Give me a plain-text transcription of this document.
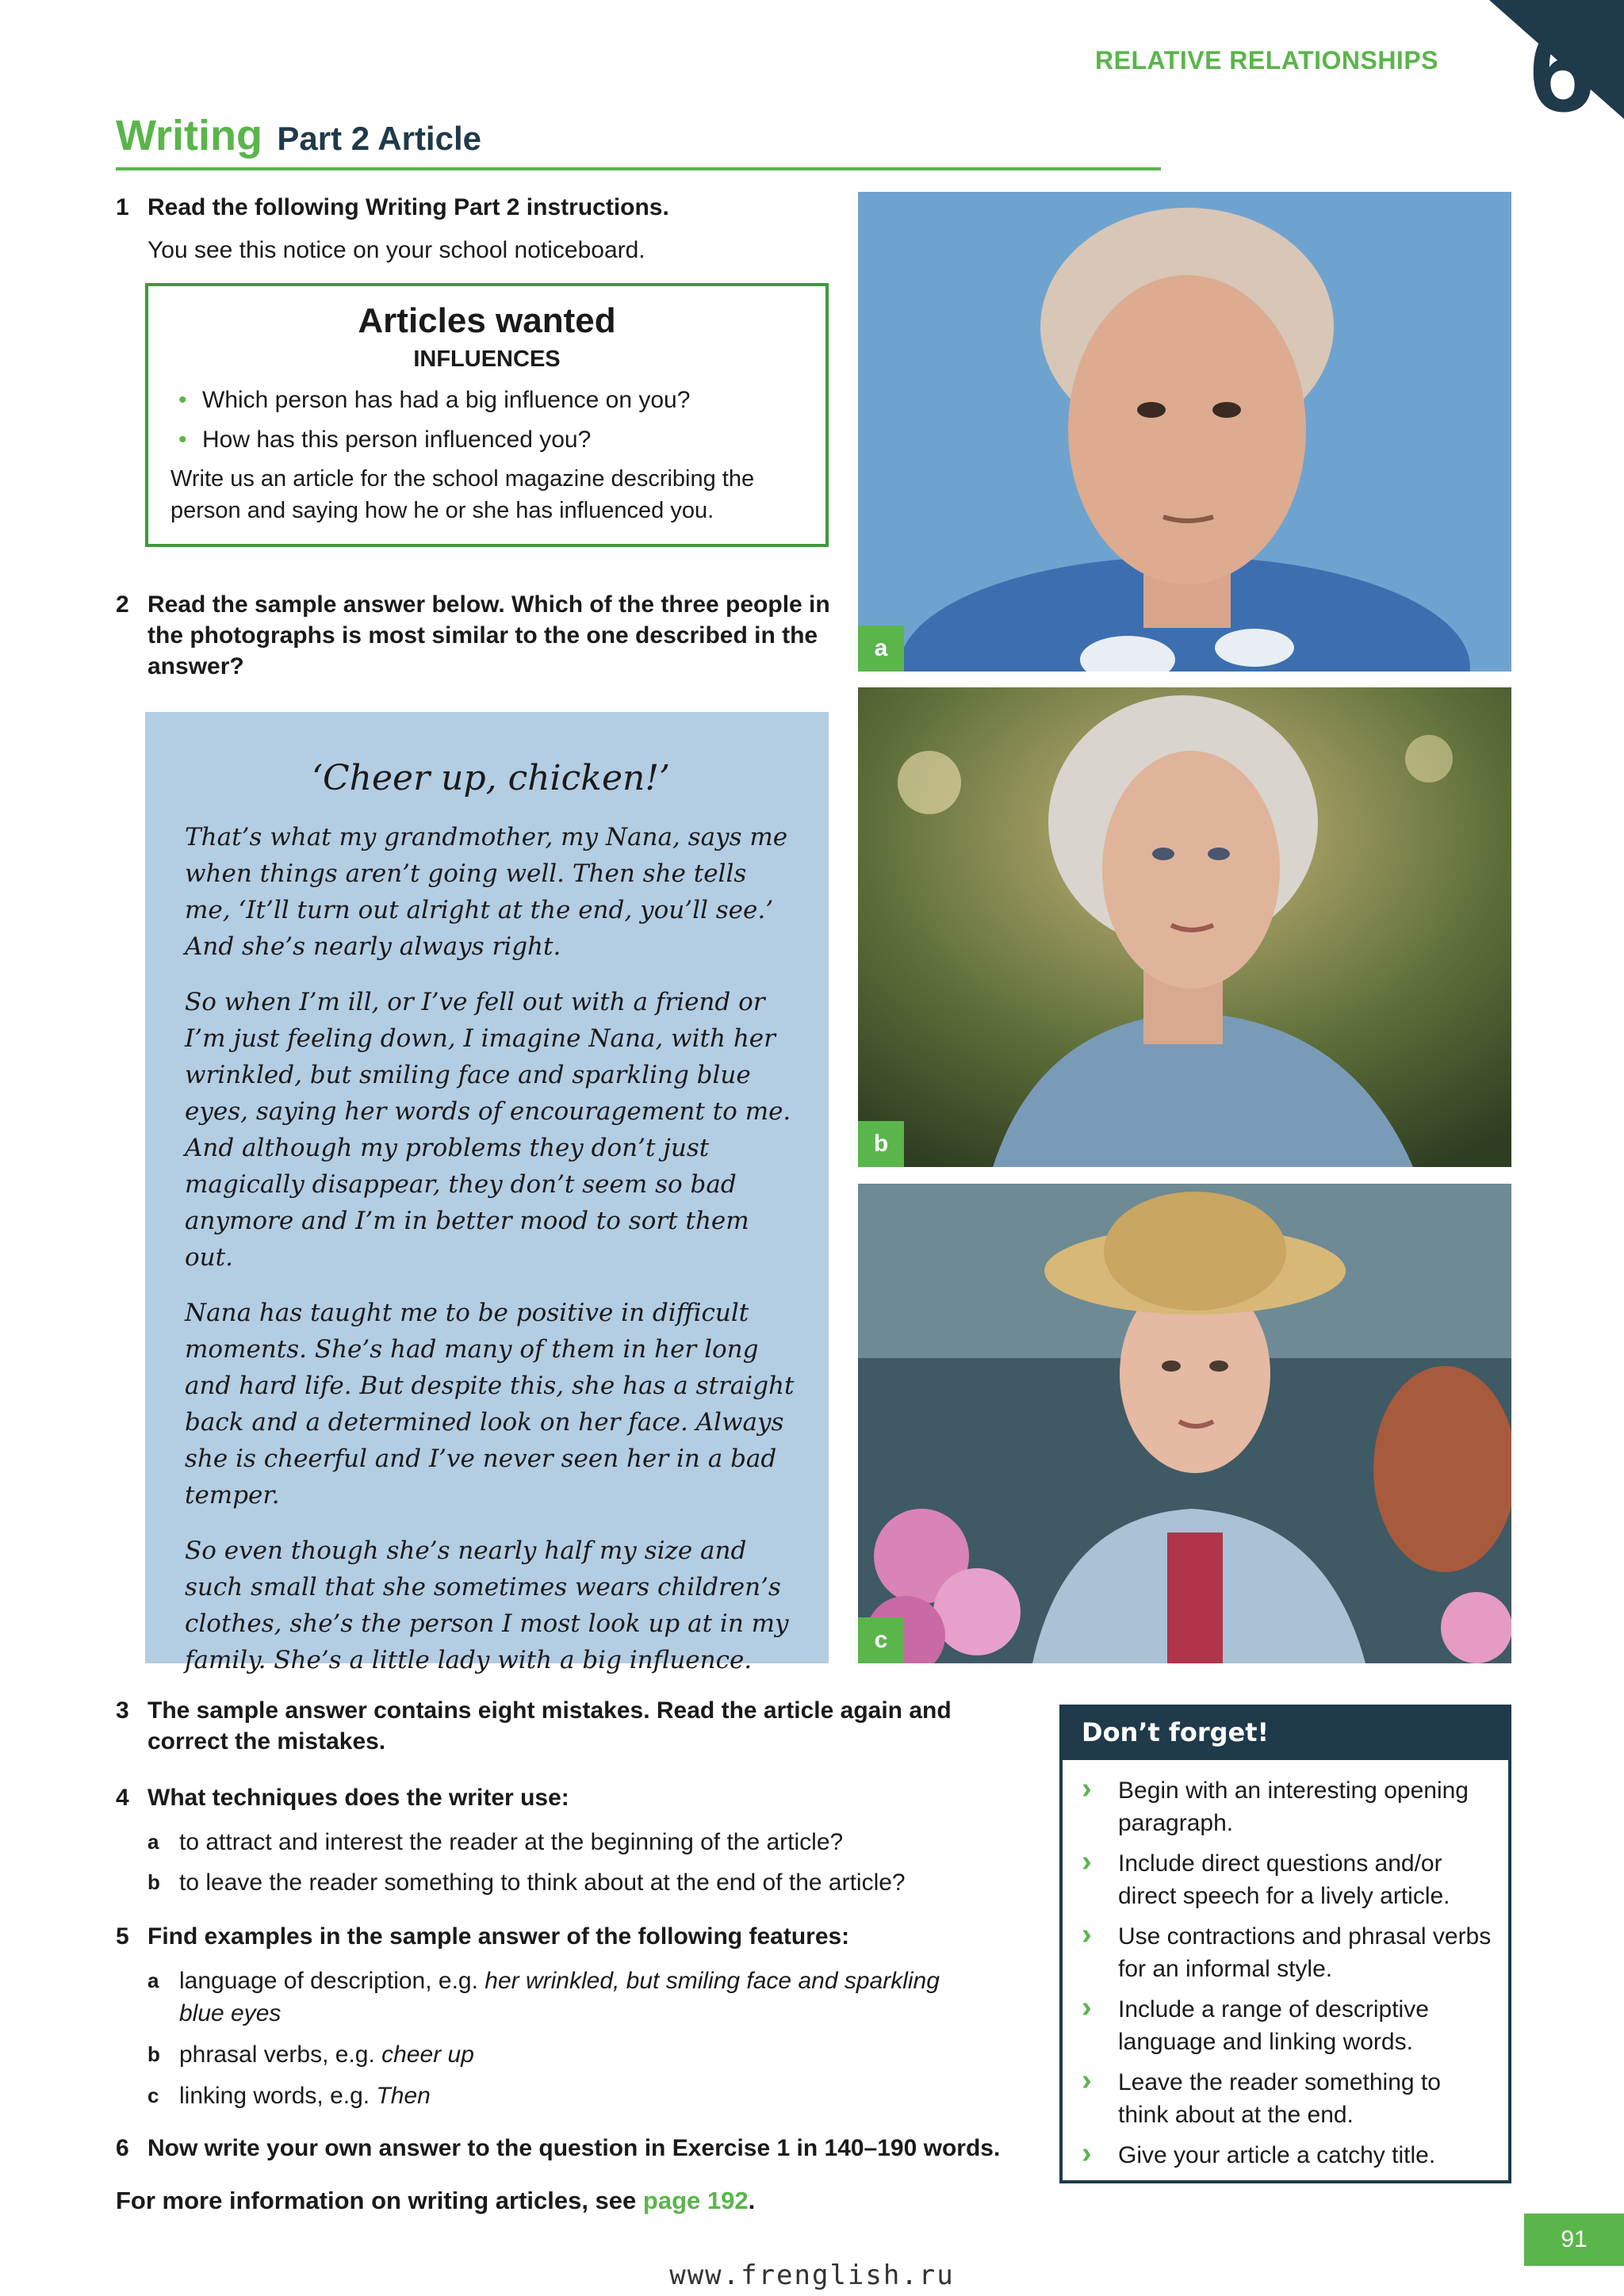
RELATIVE RELATIONSHIPS 6
Writing Part 2 Article
1 Read the following Writing Part 2 instructions.
You see this notice on your school noticeboard.
Articles wanted
INFLUENCES
• Which person has had a big influence on you?
• How has this person influenced you?
Write us an article for the school magazine describing the person and saying how he or she has influenced you.
2 Read the sample answer below. Which of the three people in the photographs is most similar to the one described in the answer?
‘Cheer up, chicken!’

That’s what my grandmother, my Nana, says me when things aren’t going well. Then she tells me, ‘It’ll turn out alright at the end, you’ll see.’ And she’s nearly always right.

So when I’m ill, or I’ve fell out with a friend or I’m just feeling down, I imagine Nana, with her wrinkled, but smiling face and sparkling blue eyes, saying her words of encouragement to me. And although my problems they don’t just magically disappear, they don’t seem so bad anymore and I’m in better mood to sort them out.

Nana has taught me to be positive in difficult moments. She’s had many of them in her long and hard life. But despite this, she has a straight back and a determined look on her face. Always she is cheerful and I’ve never seen her in a bad temper.

So even though she’s nearly half my size and such small that she sometimes wears children’s clothes, she’s the person I most look up at in my family. She’s a little lady with a big influence.

a
b
c
3 The sample answer contains eight mistakes. Read the article again and correct the mistakes.
4 What techniques does the writer use:
a to attract and interest the reader at the beginning of the article?
b to leave the reader something to think about at the end of the article?
5 Find examples in the sample answer of the following features:
a language of description, e.g. her wrinkled, but smiling face and sparkling blue eyes
b phrasal verbs, e.g. cheer up
c linking words, e.g. Then
6 Now write your own answer to the question in Exercise 1 in 140–190 words.
Don’t forget!
› Begin with an interesting opening paragraph.
› Include direct questions and/or direct speech for a lively article.
› Use contractions and phrasal verbs for an informal style.
› Include a range of descriptive language and linking words.
› Leave the reader something to think about at the end.
› Give your article a catchy title.
For more information on writing articles, see page 192.
91
www.frenglish.ru
